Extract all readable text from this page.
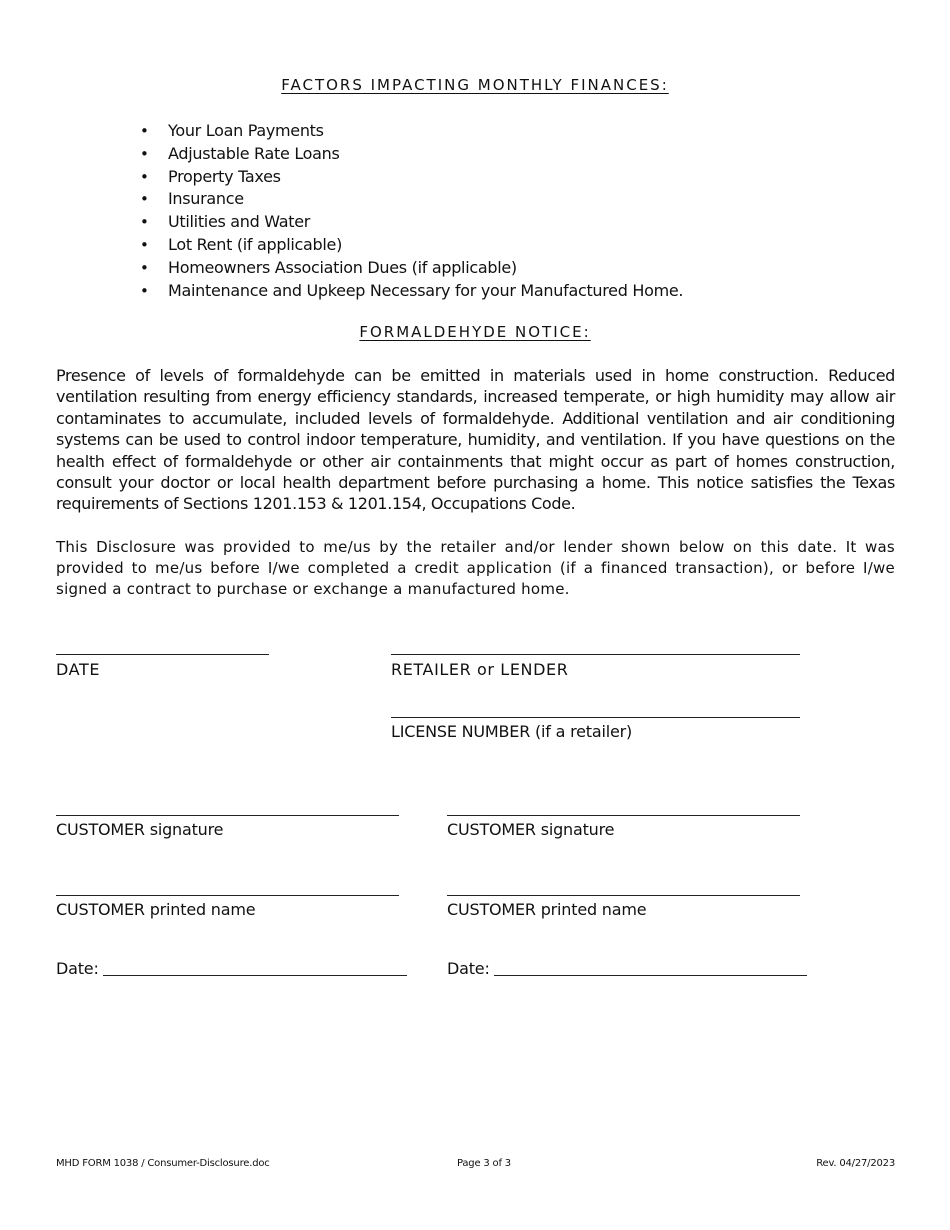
FACTORS IMPACTING MONTHLY FINANCES:
• Your Loan Payments
• Adjustable Rate Loans
• Property Taxes
• Insurance
• Utilities and Water
• Lot Rent (if applicable)
• Homeowners Association Dues (if applicable)
• Maintenance and Upkeep Necessary for your Manufactured Home.
FORMALDEHYDE NOTICE:

Presence of levels of formaldehyde can be emitted in materials used in home construction. Reduced ventilation resulting from energy efficiency standards, increased temperate, or high humidity may allow air contaminates to accumulate, included levels of formaldehyde. Additional ventilation and air conditioning systems can be used to control indoor temperature, humidity, and ventilation. If you have questions on the health effect of formaldehyde or other air containments that might occur as part of homes construction, consult your doctor or local health department before purchasing a home. This notice satisfies the Texas requirements of Sections 1201.153 & 1201.154, Occupations Code.

This Disclosure was provided to me/us by the retailer and/or lender shown below on this date. It was provided to me/us before I/we completed a credit application (if a financed transaction), or before I/we signed a contract to purchase or exchange a manufactured home.

DATE	RETAILER or LENDER
LICENSE NUMBER (if a retailer)
CUSTOMER signature	CUSTOMER signature
CUSTOMER printed name	CUSTOMER printed name
Date:	Date:
MHD FORM 1038 / Consumer-Disclosure.doc	Page 3 of 3	Rev. 04/27/2023
